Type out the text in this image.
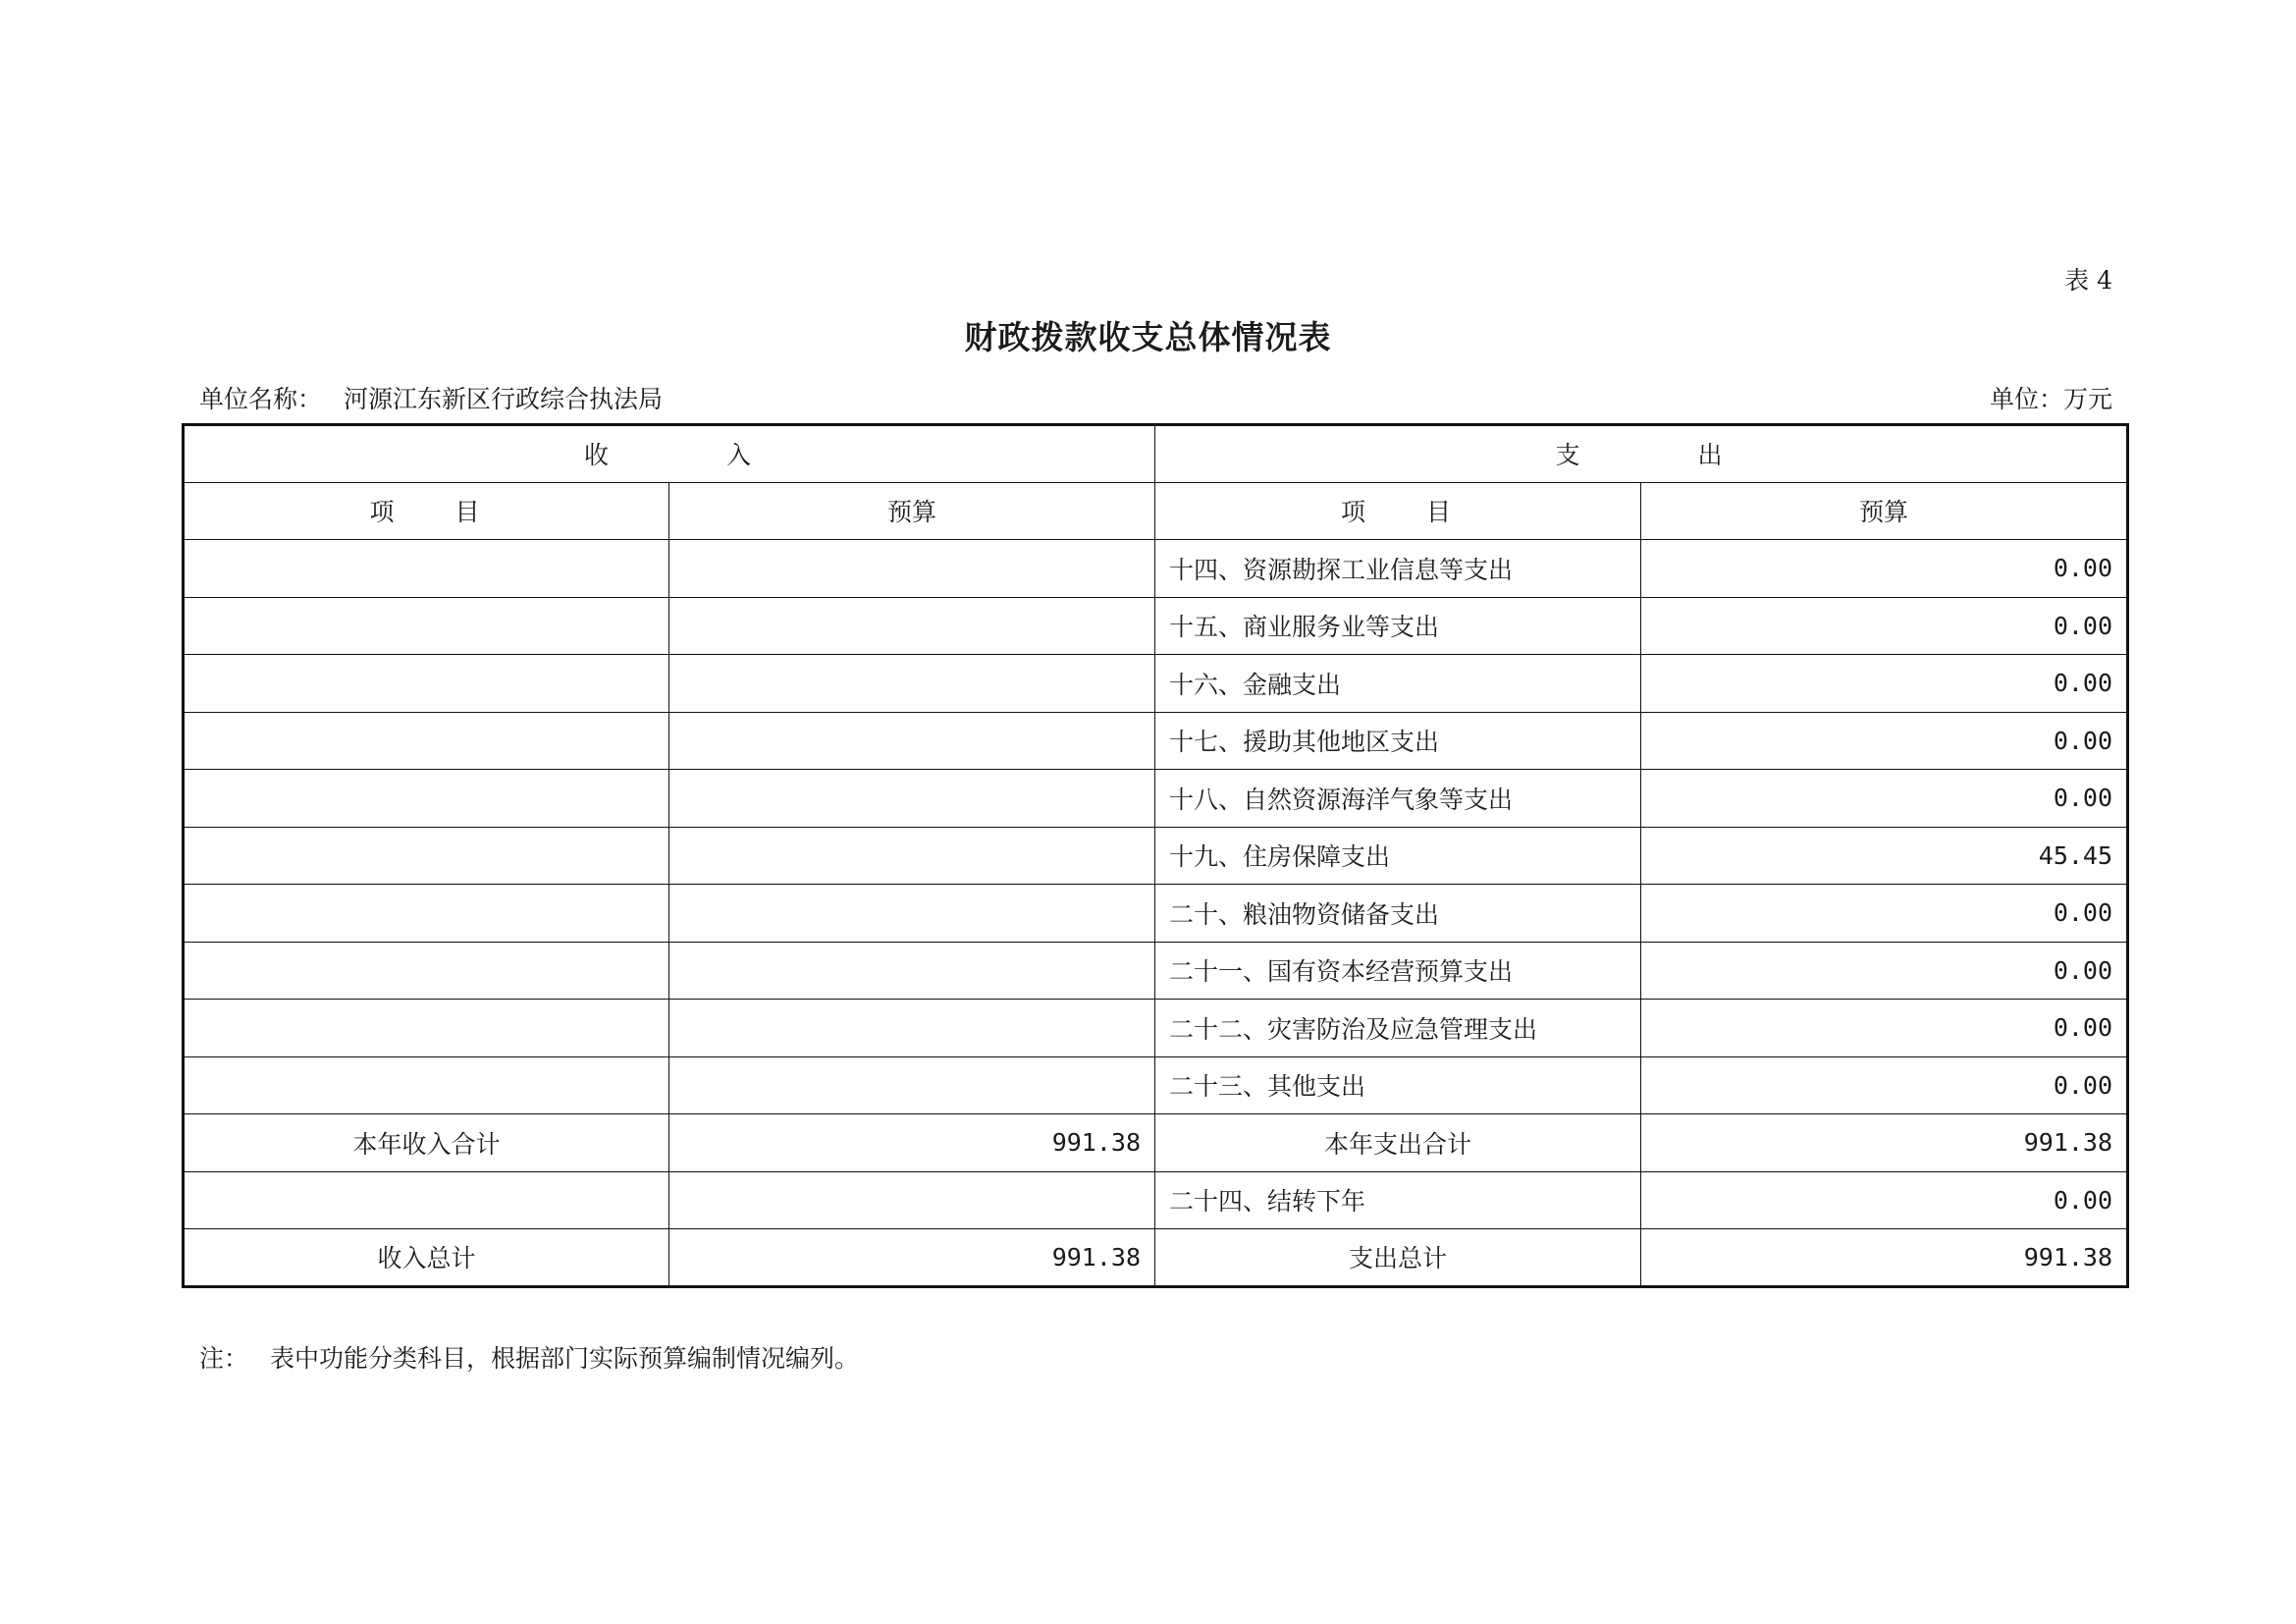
表 4
财政拨款收支总体情况表
单位名称： 河源江东新区行政综合执法局	单位：万元
收　　　　入		支　　　　出	
项　　目	预算	项　　目	预算
		十四、资源勘探工业信息等支出	0.00
		十五、商业服务业等支出	0.00
		十六、金融支出	0.00
		十七、援助其他地区支出	0.00
		十八、自然资源海洋气象等支出	0.00
		十九、住房保障支出	45.45
		二十、粮油物资储备支出	0.00
		二十一、国有资本经营预算支出	0.00
		二十二、灾害防治及应急管理支出	0.00
		二十三、其他支出	0.00
本年收入合计	991.38	本年支出合计	991.38
		二十四、结转下年	0.00
收入总计	991.38	支出总计	991.38
注： 表中功能分类科目，根据部门实际预算编制情况编列。
